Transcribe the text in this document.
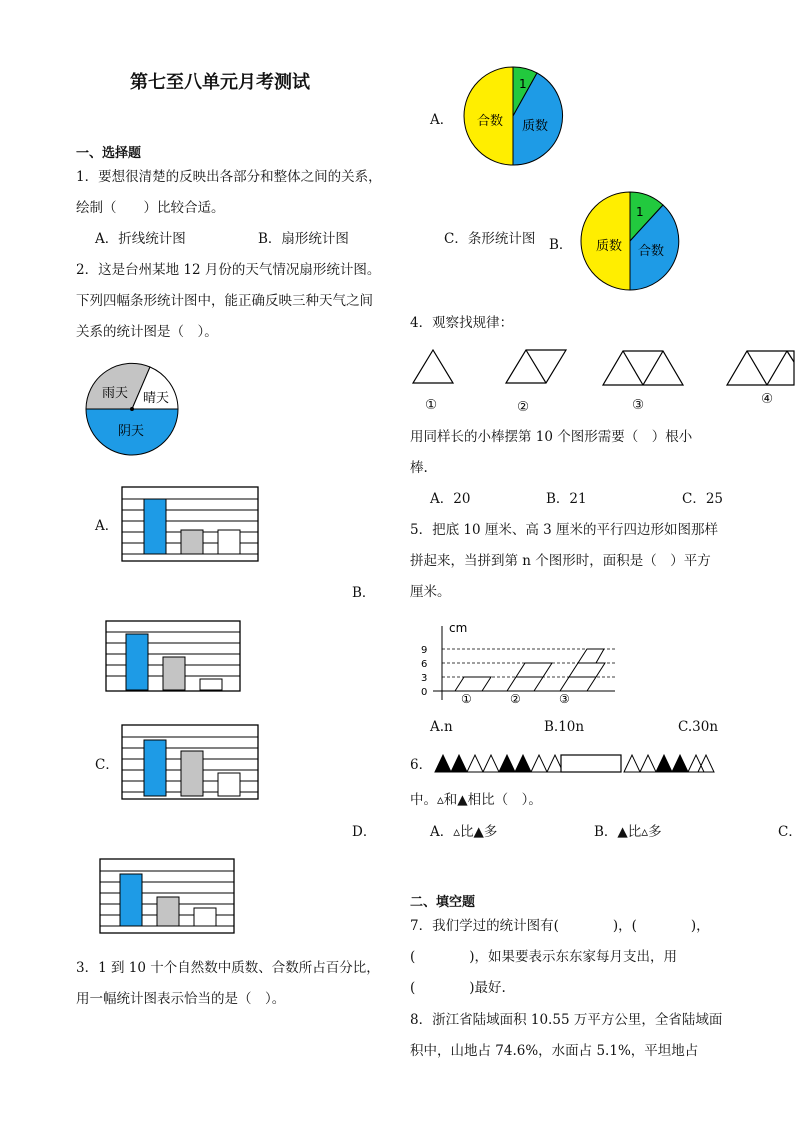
第七至八单元月考测试
一、选择题
1．要想很清楚的反映出各部分和整体之间的关系，
绘制（　　）比较合适。
A．折线统计图	B．扇形统计图	C．条形统计图
2．这是台州某地 12 月份的天气情况扇形统计图。
下列四幅条形统计图中，能正确反映三种天气之间
关系的统计图是（　）。
雨天 晴天
阴天
A．
B．
C．
D．
3．1 到 10 十个自然数中质数、合数所占百分比，
用一幅统计图表示恰当的是（　）。
A． 合数 质数
1
B． 质数 合数
1
4．观察找规律：
①	②	③	④
用同样长的小棒摆第 10 个图形需要（　）根小
棒.
A．20	B．21	C．25
5．把底 10 厘米、高 3 厘米的平行四边形如图那样
拼起来，当拼到第 n 个图形时，面积是（　）平方
厘米。
cm
9
6
3
0	①	②	③
A.n	B.10n	C.30n
6．
中。▵和▲相比（　）。
A．▵比▲多	B．▲比▵多	C．
二、填空题
7．我们学过的统计图有(　　　　)，(　　　　)，
(　　　　)，如果要表示东东家每月支出，用
(　　　　)最好.
8．浙江省陆域面积 10.55 万平方公里，全省陆域面
积中，山地占 74.6%，水面占 5.1%，平坦地占
